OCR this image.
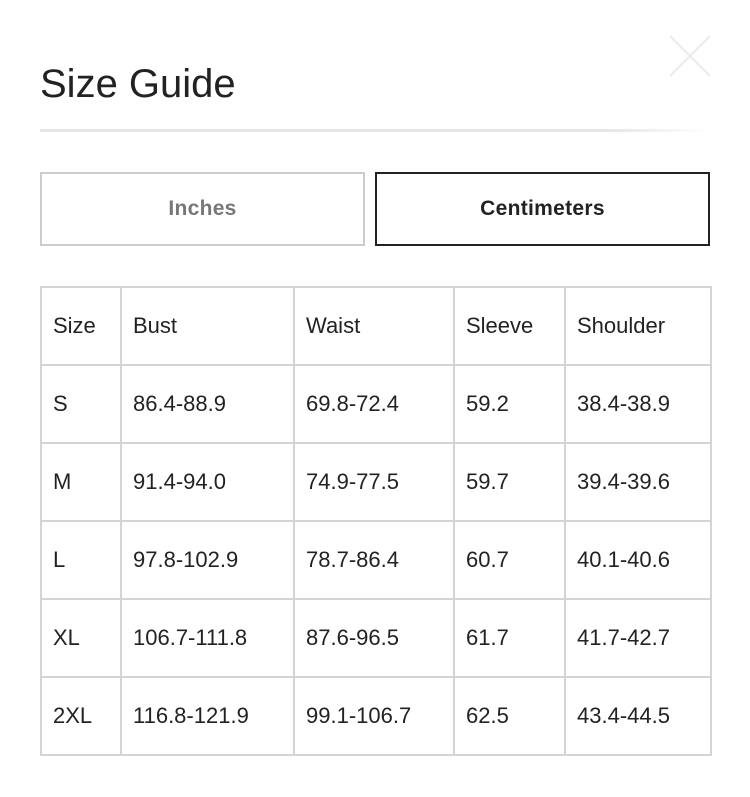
Size Guide
Inches	Centimeters
Size	Bust	Waist	Sleeve	Shoulder
S	86.4-88.9	69.8-72.4	59.2	38.4-38.9
M	91.4-94.0	74.9-77.5	59.7	39.4-39.6
L	97.8-102.9	78.7-86.4	60.7	40.1-40.6
XL	106.7-111.8	87.6-96.5	61.7	41.7-42.7
2XL	116.8-121.9	99.1-106.7	62.5	43.4-44.5
